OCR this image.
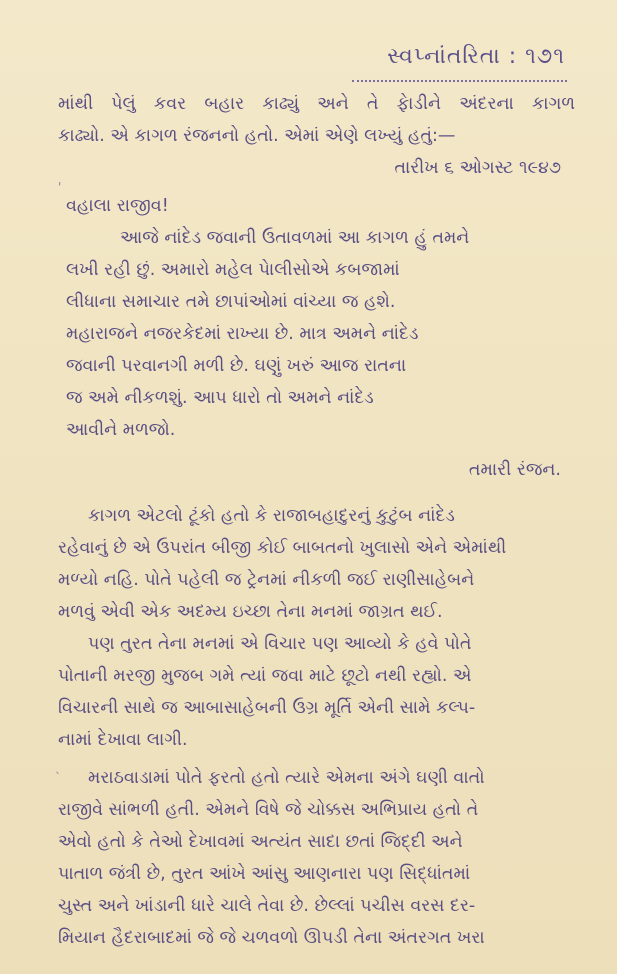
સ્વપ્નાંતરિતા : ૧૭૧
માંથી પેલું કવર બહાર કાઢ્યું અને તે ફેાડીને અંદરના કાગળ
કાઢ્યો. એ કાગળ રંજનનો હતો. એમાં એણે લખ્યું હતું:—
તારીખ ૬ ઓગસ્ટ ૧૯૪૭
વહાલા રાજીવ!
આજે નાંદેડ જવાની ઉતાવળમાં આ કાગળ હું તમને
લખી રહી છું. અમારો મહેલ પેાલીસોએ કબજામાં
લીધાના સમાચાર તમે છાપાંઓમાં વાંચ્યા જ હશે.
મહારાજને નજરકેદમાં રાખ્યા છે. માત્ર અમને નાંદેડ
જવાની પરવાનગી મળી છે. ઘણું ખરું આજ રાતના
જ અમે નીકળશું. આપ ધારો તો અમને નાંદેડ
આવીને મળજો.
તમારી રંજન.
કાગળ એટલો ટૂંકો હતો કે રાજાબહાદુરનું કુટુંબ નાંદેડ
રહેવાનું છે એ ઉપરાંત બીજી કોઈ બાબતનો ખુલાસો એને એમાંથી
મળ્યો નહિ. પોતે પહેલી જ ટ્રેનમાં નીકળી જઈ રાણીસાહેબને
મળવું એવી એક અદમ્ય ઇચ્છા તેના મનમાં જાગ્રત થઈ.
પણ તુરત તેના મનમાં એ વિચાર પણ આવ્યો કે હવે પોતે
પોતાની મરજી મુજબ ગમે ત્યાં જવા માટે છૂટો નથી રહ્યો. એ
વિચારની સાથે જ આબાસાહેબની ઉગ્ર મૂર્તિ એની સામે કલ્પ-
નામાં દેખાવા લાગી.
મરાઠવાડામાં પોતે ફરતો હતો ત્યારે એમના અંગે ઘણી વાતો
રાજીવે સાંભળી હતી. એમને વિષે જે ચોક્કસ અભિપ્રાય હતો તે
એવો હતો કે તેઓ દેખાવમાં અત્યંત સાદા છતાં જિદ્દી અને
પાતાળ જંત્રી છે, તુરત આંખે આંસુ આણનારા પણ સિદ્ધાંતમાં
ચુસ્ત અને ખાંડાની ધારે ચાલે તેવા છે. છેલ્લાં પચીસ વરસ દર-
મિયાન હૈદરાબાદમાં જે જે ચળવળો ઊપડી તેના અંતરગત ખરા
'
ˎ
